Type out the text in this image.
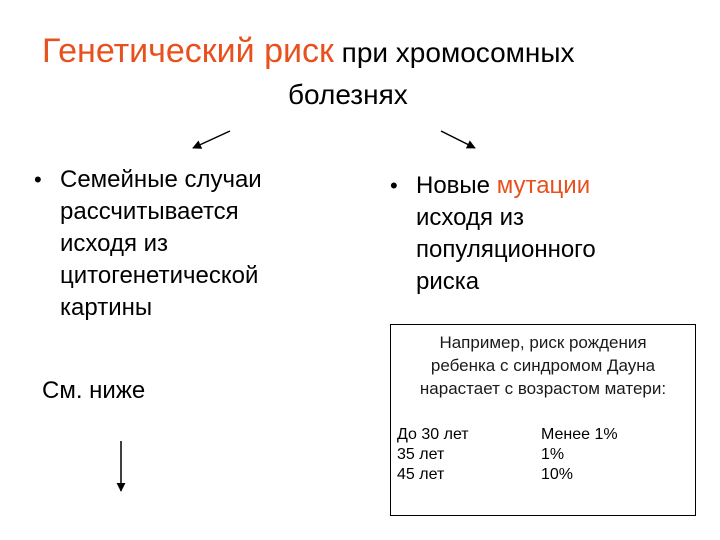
Генетический риск при хромосомных
болезнях
• Семейные случаи
рассчитывается
исходя из
цитогенетической
картины
См. ниже
• Новые мутации
исходя из
популяционного
риска
Например, риск рождения
ребенка с синдромом Дауна
нарастает с возрастом матери:
До 30 лет	Менее 1%
35 лет	1%
45 лет	10%
